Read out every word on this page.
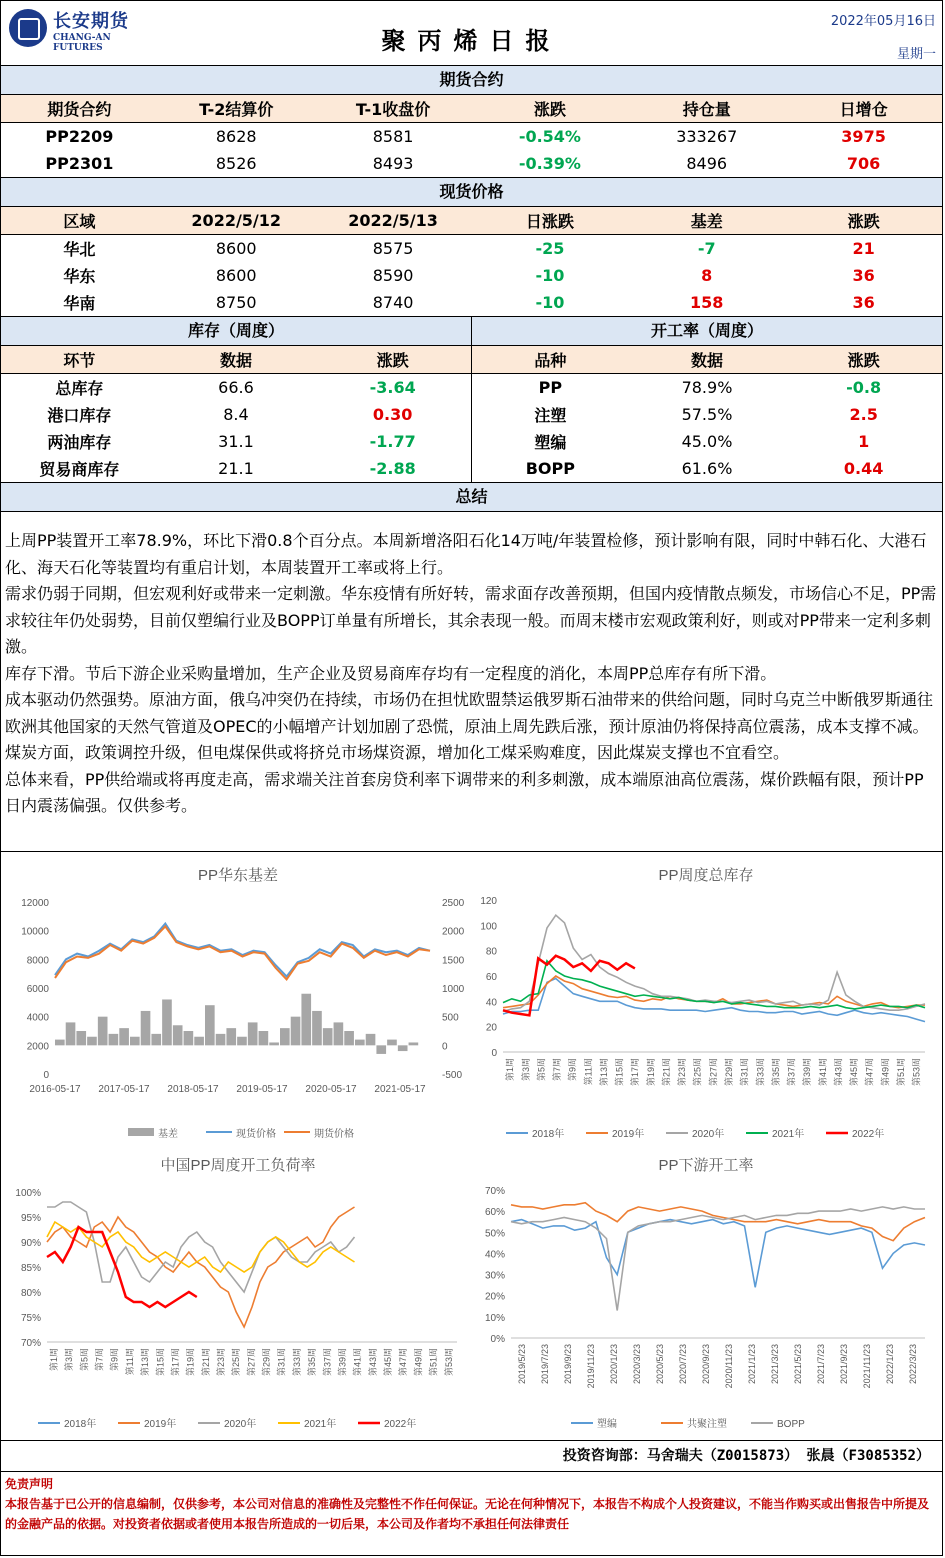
长安期货
CHANG-AN FUTURES	聚丙烯日报
2022年05月16日
星期一
期货合约
期货合约	T-2结算价	T-1收盘价	涨跌	持仓量	日增仓
PP2209	8628	8581	-0.54%	333267	3975
PP2301	8526	8493	-0.39%	8496	706
现货价格
区域	2022/5/12	2022/5/13	日涨跌	基差	涨跌
华北	8600	8575	-25	-7	21
华东	8600	8590	-10	8	36
华南	8750	8740	-10	158	36
库存（周度）
环节	数据	涨跌
总库存	66.6	-3.64
港口库存	8.4	0.30
两油库存	31.1	-1.77
贸易商库存	21.1	-2.88
开工率（周度）
品种	数据	涨跌
PP	78.9%	-0.8
注塑	57.5%	2.5
塑编	45.0%	1
BOPP	61.6%	0.44
总结

上周PP装置开工率78.9%，环比下滑0.8个百分点。本周新增洛阳石化14万吨/年装置检修，预计影响有限，同时中韩石化、大港石化、海天石化等装置均有重启计划，本周装置开工率或将上行。

需求仍弱于同期，但宏观利好或带来一定刺激。华东疫情有所好转，需求面存改善预期，但国内疫情散点频发，市场信心不足，PP需求较往年仍处弱势，目前仅塑编行业及BOPP订单量有所增长，其余表现一般。而周末楼市宏观政策利好，则或对PP带来一定利多刺激。

库存下滑。节后下游企业采购量增加，生产企业及贸易商库存均有一定程度的消化，本周PP总库存有所下滑。

成本驱动仍然强势。原油方面，俄乌冲突仍在持续，市场仍在担忧欧盟禁运俄罗斯石油带来的供给问题，同时乌克兰中断俄罗斯通往欧洲其他国家的天然气管道及OPEC的小幅增产计划加剧了恐慌，原油上周先跌后涨，预计原油仍将保持高位震荡，成本支撑不减。煤炭方面，政策调控升级，但电煤保供或将挤兑市场煤资源，增加化工煤采购难度，因此煤炭支撑也不宜看空。

总体来看，PP供给端或将再度走高，需求端关注首套房贷利率下调带来的利多刺激，成本端原油高位震荡，煤价跌幅有限，预计PP日内震荡偏强。仅供参考。

PP华东基差
0
2000
4000
6000
8000
10000
12000
-500
0
500
1000
1500
2000
2500
2016-05-17 2017-05-17 2018-05-17 2019-05-17 2020-05-17 2021-05-17
基差	现货价格	期货价格
PP周度总库存
0
20
40
60
80
100
120
第1周 第3周 第5周 第7周 第9周 第11周 第13周 第15周 第17周 第19周 第21周 第23周 第25周 第27周 第29周 第31周 第33周 第35周 第37周 第39周 第41周 第43周 第45周 第47周 第49周 第51周 第53周
2018年	2019年	2020年	2021年	2022年
中国PP周度开工负荷率
70%
75%
80%
85%
90%
95%
100%
第1周 第3周 第5周 第7周 第9周 第11周 第13周 第15周 第17周 第19周 第21周 第23周 第25周 第27周 第29周 第31周 第33周 第35周 第37周 第39周 第41周 第43周 第45周 第47周 第49周 第51周 第53周
2018年	2019年	2020年	2021年	2022年
PP下游开工率
0%
10%
20%
30%
40%
50%
60%
70%
2019/5/23 2019/7/23 2019/9/23 2019/11/23 2020/1/23 2020/3/23 2020/5/23 2020/7/23 2020/9/23 2020/11/23 2021/1/23 2021/3/23 2021/5/23 2021/7/23 2021/9/23 2021/11/23 2022/1/23 2022/3/23
塑编	共聚注塑	BOPP
投资咨询部：马舍瑞夫（Z0015873） 张晨（F3085352）
免责声明
本报告基于已公开的信息编制，仅供参考，本公司对信息的准确性及完整性不作任何保证。无论在何种情况下，本报告不构成个人投资建议，不能当作购买或出售报告中所提及的金融产品的依据。对投资者依据或者使用本报告所造成的一切后果，本公司及作者均不承担任何法律责任
